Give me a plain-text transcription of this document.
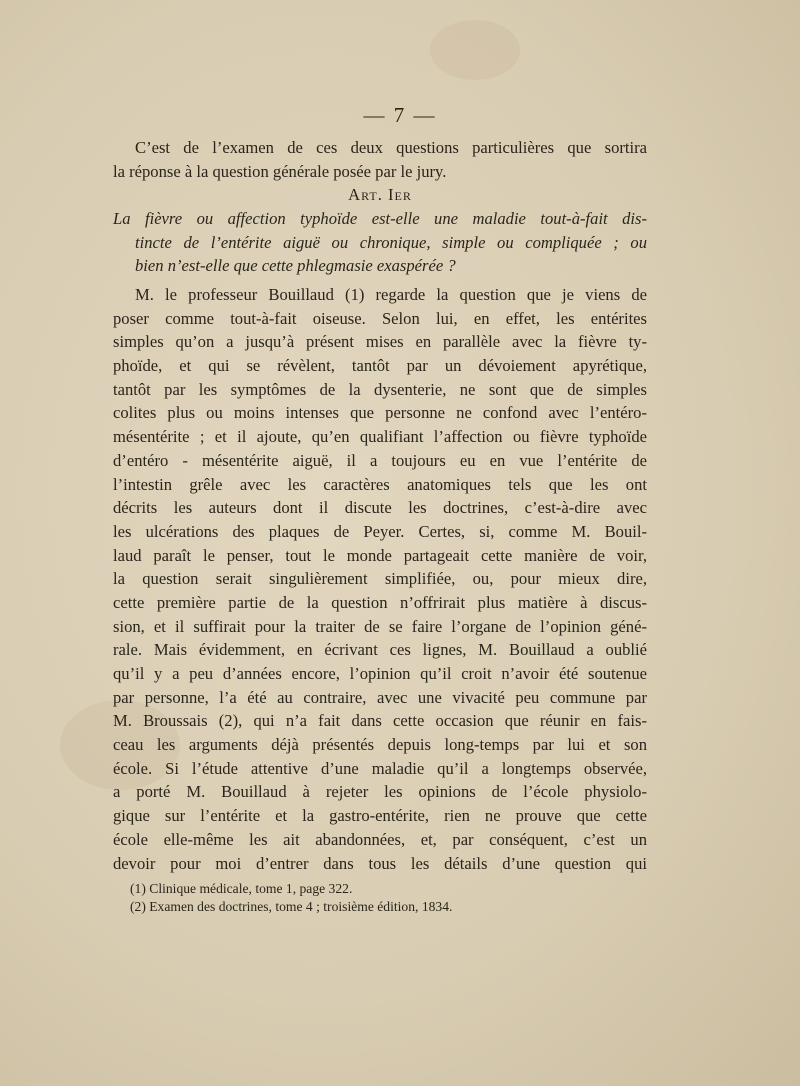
— 7 —
C’est de l’examen de ces deux questions particulières que sortira
la réponse à la question générale posée par le jury.
Art. Ier
La fièvre ou affection typhoïde est-elle une maladie tout-à-fait dis-
tincte de l’entérite aiguë ou chronique, simple ou compliquée ; ou
bien n’est-elle que cette phlegmasie exaspérée ?
M. le professeur Bouillaud (1) regarde la question que je viens de
poser comme tout-à-fait oiseuse. Selon lui, en effet, les entérites
simples qu’on a jusqu’à présent mises en parallèle avec la fièvre ty-
phoïde, et qui se révèlent, tantôt par un dévoiement apyrétique,
tantôt par les symptômes de la dysenterie, ne sont que de simples
colites plus ou moins intenses que personne ne confond avec l’entéro-
mésentérite ; et il ajoute, qu’en qualifiant l’affection ou fièvre typhoïde
d’entéro - mésentérite aiguë, il a toujours eu en vue l’entérite de
l’intestin grêle avec les caractères anatomiques tels que les ont
décrits les auteurs dont il discute les doctrines, c’est-à-dire avec
les ulcérations des plaques de Peyer. Certes, si, comme M. Bouil-
laud paraît le penser, tout le monde partageait cette manière de voir,
la question serait singulièrement simplifiée, ou, pour mieux dire,
cette première partie de la question n’offrirait plus matière à discus-
sion, et il suffirait pour la traiter de se faire l’organe de l’opinion géné-
rale. Mais évidemment, en écrivant ces lignes, M. Bouillaud a oublié
qu’il y a peu d’années encore, l’opinion qu’il croit n’avoir été soutenue
par personne, l’a été au contraire, avec une vivacité peu commune par
M. Broussais (2), qui n’a fait dans cette occasion que réunir en fais-
ceau les arguments déjà présentés depuis long-temps par lui et son
école. Si l’étude attentive d’une maladie qu’il a longtemps observée,
a porté M. Bouillaud à rejeter les opinions de l’école physiolo-
gique sur l’entérite et la gastro-entérite, rien ne prouve que cette
école elle-même les ait abandonnées, et, par conséquent, c’est un
devoir pour moi d’entrer dans tous les détails d’une question qui
(1) Clinique médicale, tome 1, page 322.
(2) Examen des doctrines, tome 4 ; troisième édition, 1834.
